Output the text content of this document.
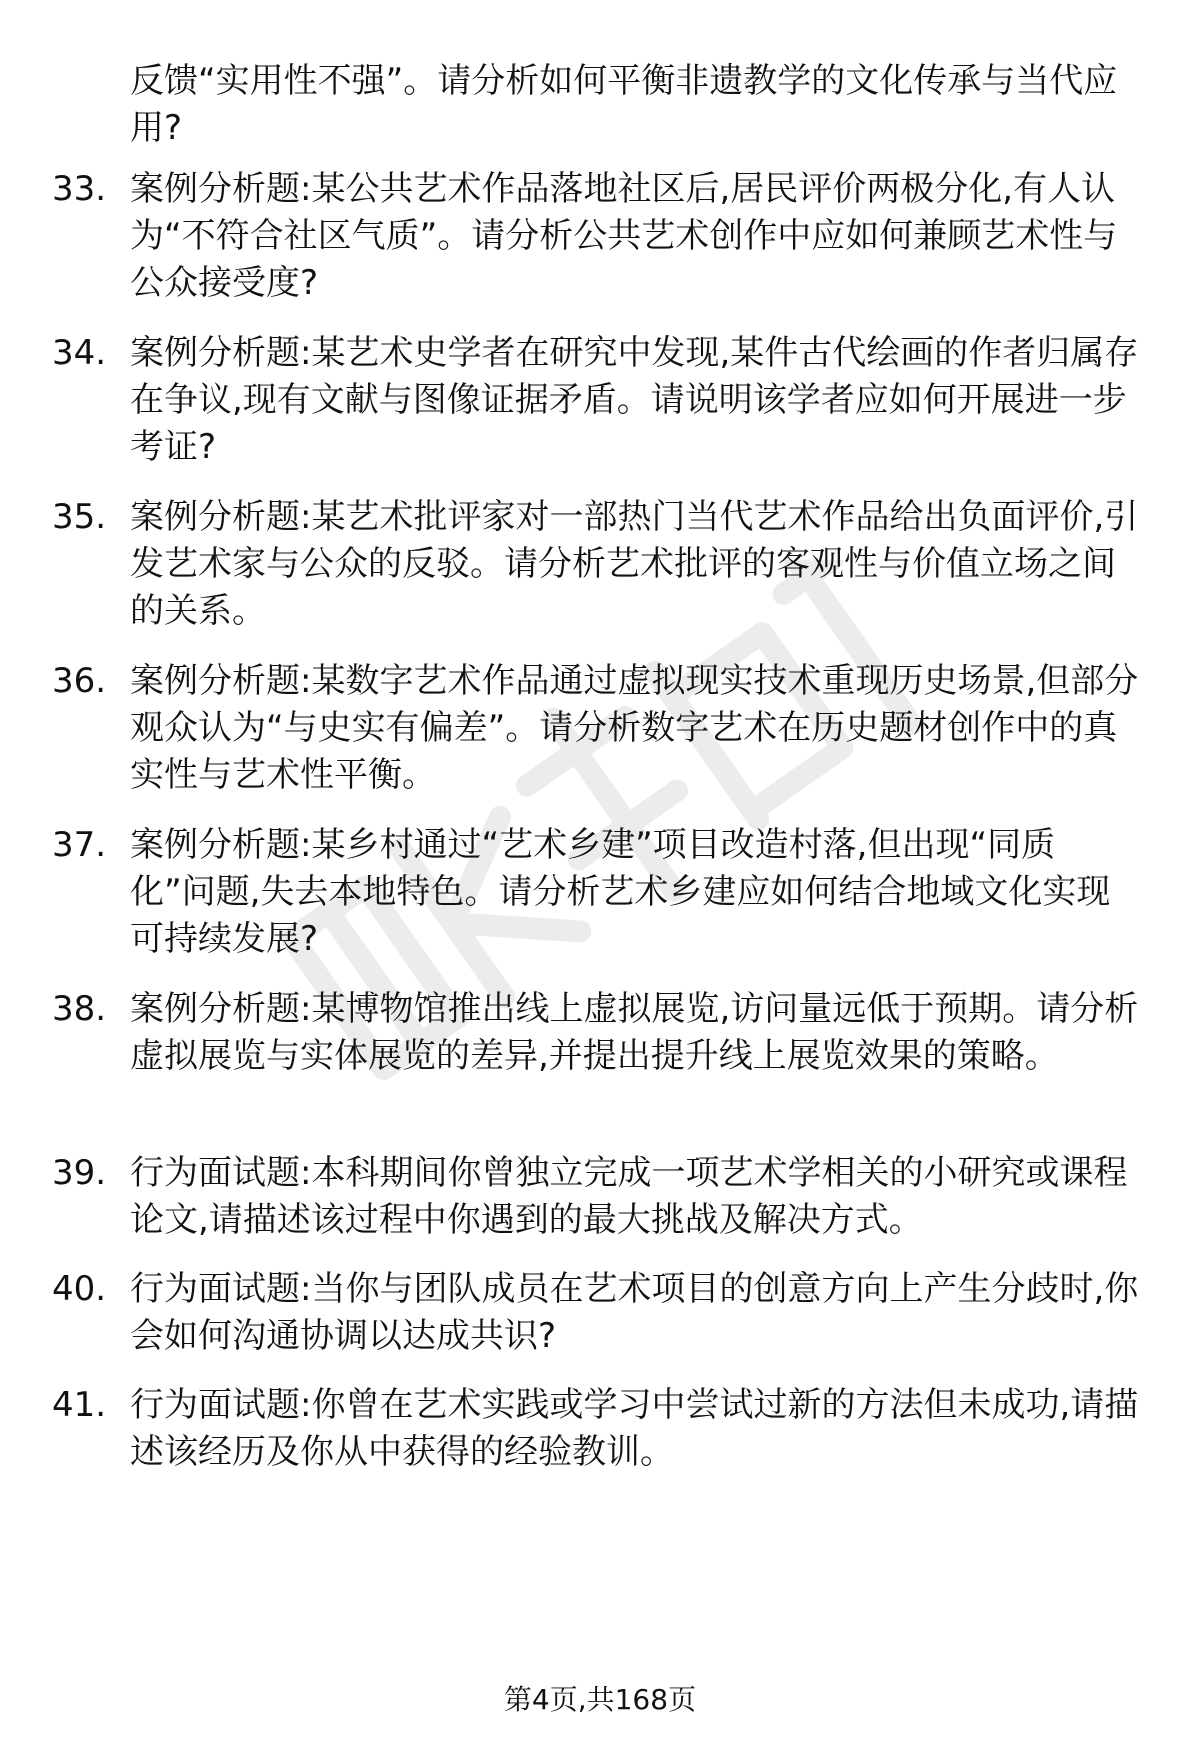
反馈“实用性不强”。请分析如何平衡非遗教学的文化传承与当代应用?

33. 案例分析题:某公共艺术作品落地社区后,居民评价两极分化,有人认为“不符合社区气质”。请分析公共艺术创作中应如何兼顾艺术性与公众接受度?

34. 案例分析题:某艺术史学者在研究中发现,某件古代绘画的作者归属存在争议,现有文献与图像证据矛盾。请说明该学者应如何开展进一步考证?

35. 案例分析题:某艺术批评家对一部热门当代艺术作品给出负面评价,引发艺术家与公众的反驳。请分析艺术批评的客观性与价值立场之间的关系。

36. 案例分析题:某数字艺术作品通过虚拟现实技术重现历史场景,但部分观众认为“与史实有偏差”。请分析数字艺术在历史题材创作中的真实性与艺术性平衡。

37. 案例分析题:某乡村通过“艺术乡建”项目改造村落,但出现“同质化”问题,失去本地特色。请分析艺术乡建应如何结合地域文化实现可持续发展?

38. 案例分析题:某博物馆推出线上虚拟展览,访问量远低于预期。请分析虚拟展览与实体展览的差异,并提出提升线上展览效果的策略。

39. 行为面试题:本科期间你曾独立完成一项艺术学相关的小研究或课程论文,请描述该过程中你遇到的最大挑战及解决方式。

40. 行为面试题:当你与团队成员在艺术项目的创意方向上产生分歧时,你会如何沟通协调以达成共识?

41. 行为面试题:你曾在艺术实践或学习中尝试过新的方法但未成功,请描述该经历及你从中获得的经验教训。

第4页,共168页
